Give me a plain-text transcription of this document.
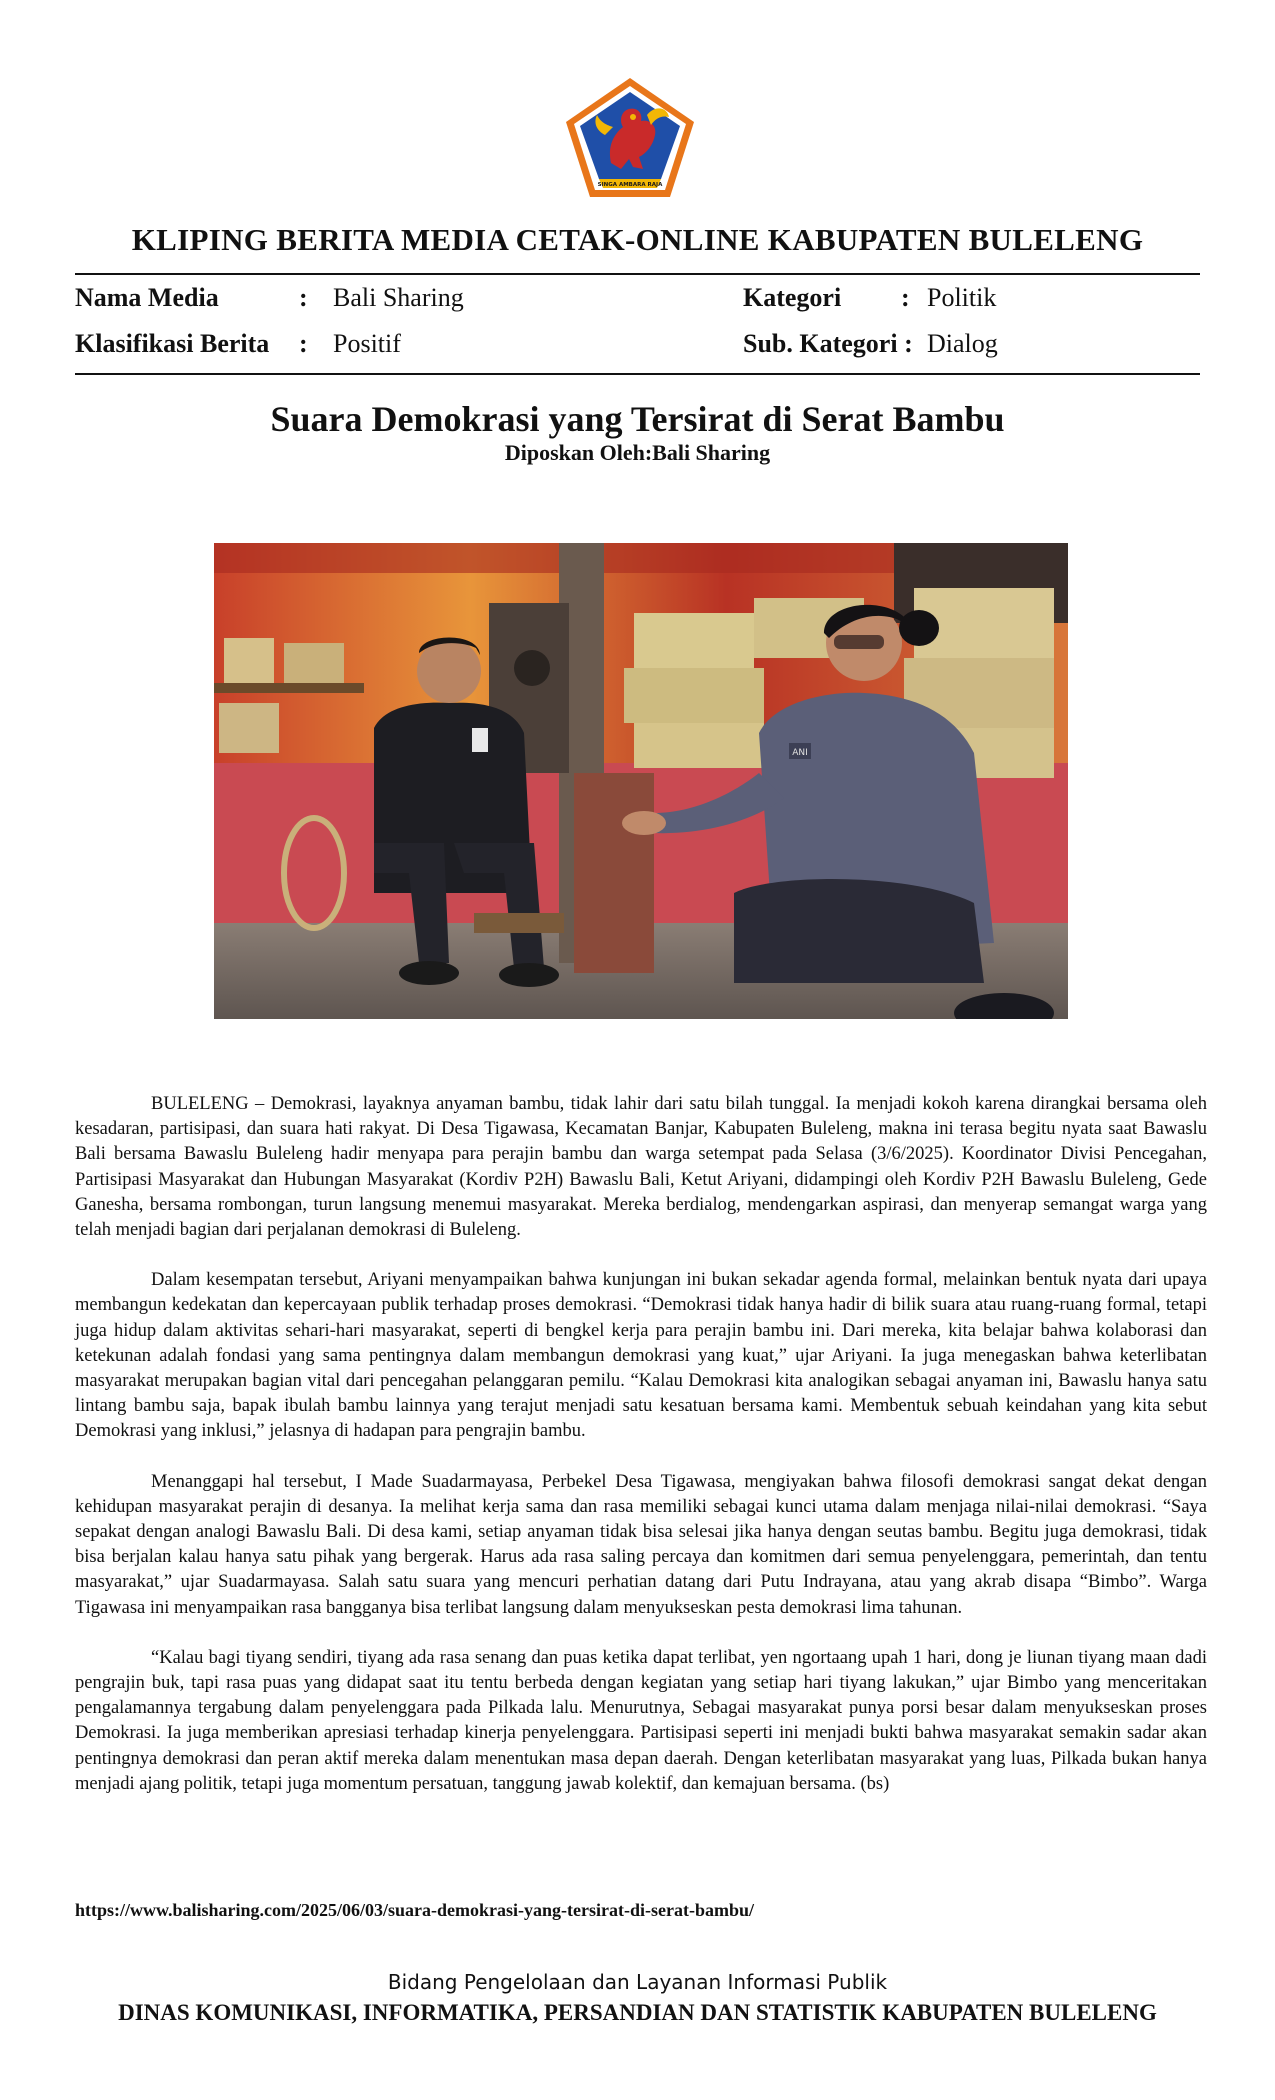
SINGA AMBARA RAJA
KLIPING BERITA MEDIA CETAK-ONLINE KABUPATEN BULELENG
Nama Media	: Bali Sharing
Klasifikasi Berita : Positif
Kategori : Politik
Sub. Kategori : Dialog
Suara Demokrasi yang Tersirat di Serat Bambu
Diposkan Oleh:Bali Sharing
ANI

BULELENG – Demokrasi, layaknya anyaman bambu, tidak lahir dari satu bilah tunggal. Ia menjadi kokoh karena dirangkai bersama oleh kesadaran, partisipasi, dan suara hati rakyat. Di Desa Tigawasa, Kecamatan Banjar, Kabupaten Buleleng, makna ini terasa begitu nyata saat Bawaslu Bali bersama Bawaslu Buleleng hadir menyapa para perajin bambu dan warga setempat pada Selasa (3/6/2025). Koordinator Divisi Pencegahan, Partisipasi Masyarakat dan Hubungan Masyarakat (Kordiv P2H) Bawaslu Bali, Ketut Ariyani, didampingi oleh Kordiv P2H Bawaslu Buleleng, Gede Ganesha, bersama rombongan, turun langsung menemui masyarakat. Mereka berdialog, mendengarkan aspirasi, dan menyerap semangat warga yang telah menjadi bagian dari perjalanan demokrasi di Buleleng.

Dalam kesempatan tersebut, Ariyani menyampaikan bahwa kunjungan ini bukan sekadar agenda formal, melainkan bentuk nyata dari upaya membangun kedekatan dan kepercayaan publik terhadap proses demokrasi. “Demokrasi tidak hanya hadir di bilik suara atau ruang-ruang formal, tetapi juga hidup dalam aktivitas sehari-hari masyarakat, seperti di bengkel kerja para perajin bambu ini. Dari mereka, kita belajar bahwa kolaborasi dan ketekunan adalah fondasi yang sama pentingnya dalam membangun demokrasi yang kuat,” ujar Ariyani. Ia juga menegaskan bahwa keterlibatan masyarakat merupakan bagian vital dari pencegahan pelanggaran pemilu. “Kalau Demokrasi kita analogikan sebagai anyaman ini, Bawaslu hanya satu lintang bambu saja, bapak ibulah bambu lainnya yang terajut menjadi satu kesatuan bersama kami. Membentuk sebuah keindahan yang kita sebut Demokrasi yang inklusi,” jelasnya di hadapan para pengrajin bambu.

Menanggapi hal tersebut, I Made Suadarmayasa, Perbekel Desa Tigawasa, mengiyakan bahwa filosofi demokrasi sangat dekat dengan kehidupan masyarakat perajin di desanya. Ia melihat kerja sama dan rasa memiliki sebagai kunci utama dalam menjaga nilai-nilai demokrasi. “Saya sepakat dengan analogi Bawaslu Bali. Di desa kami, setiap anyaman tidak bisa selesai jika hanya dengan seutas bambu. Begitu juga demokrasi, tidak bisa berjalan kalau hanya satu pihak yang bergerak. Harus ada rasa saling percaya dan komitmen dari semua penyelenggara, pemerintah, dan tentu masyarakat,” ujar Suadarmayasa. Salah satu suara yang mencuri perhatian datang dari Putu Indrayana, atau yang akrab disapa “Bimbo”. Warga Tigawasa ini menyampaikan rasa bangganya bisa terlibat langsung dalam menyukseskan pesta demokrasi lima tahunan.

“Kalau bagi tiyang sendiri, tiyang ada rasa senang dan puas ketika dapat terlibat, yen ngortaang upah 1 hari, dong je liunan tiyang maan dadi pengrajin buk, tapi rasa puas yang didapat saat itu tentu berbeda dengan kegiatan yang setiap hari tiyang lakukan,” ujar Bimbo yang menceritakan pengalamannya tergabung dalam penyelenggara pada Pilkada lalu. Menurutnya, Sebagai masyarakat punya porsi besar dalam menyukseskan proses Demokrasi. Ia juga memberikan apresiasi terhadap kinerja penyelenggara. Partisipasi seperti ini menjadi bukti bahwa masyarakat semakin sadar akan pentingnya demokrasi dan peran aktif mereka dalam menentukan masa depan daerah. Dengan keterlibatan masyarakat yang luas, Pilkada bukan hanya menjadi ajang politik, tetapi juga momentum persatuan, tanggung jawab kolektif, dan kemajuan bersama. (bs)

https://www.balisharing.com/2025/06/03/suara-demokrasi-yang-tersirat-di-serat-bambu/
Bidang Pengelolaan dan Layanan Informasi Publik
DINAS KOMUNIKASI, INFORMATIKA, PERSANDIAN DAN STATISTIK KABUPATEN BULELENG
